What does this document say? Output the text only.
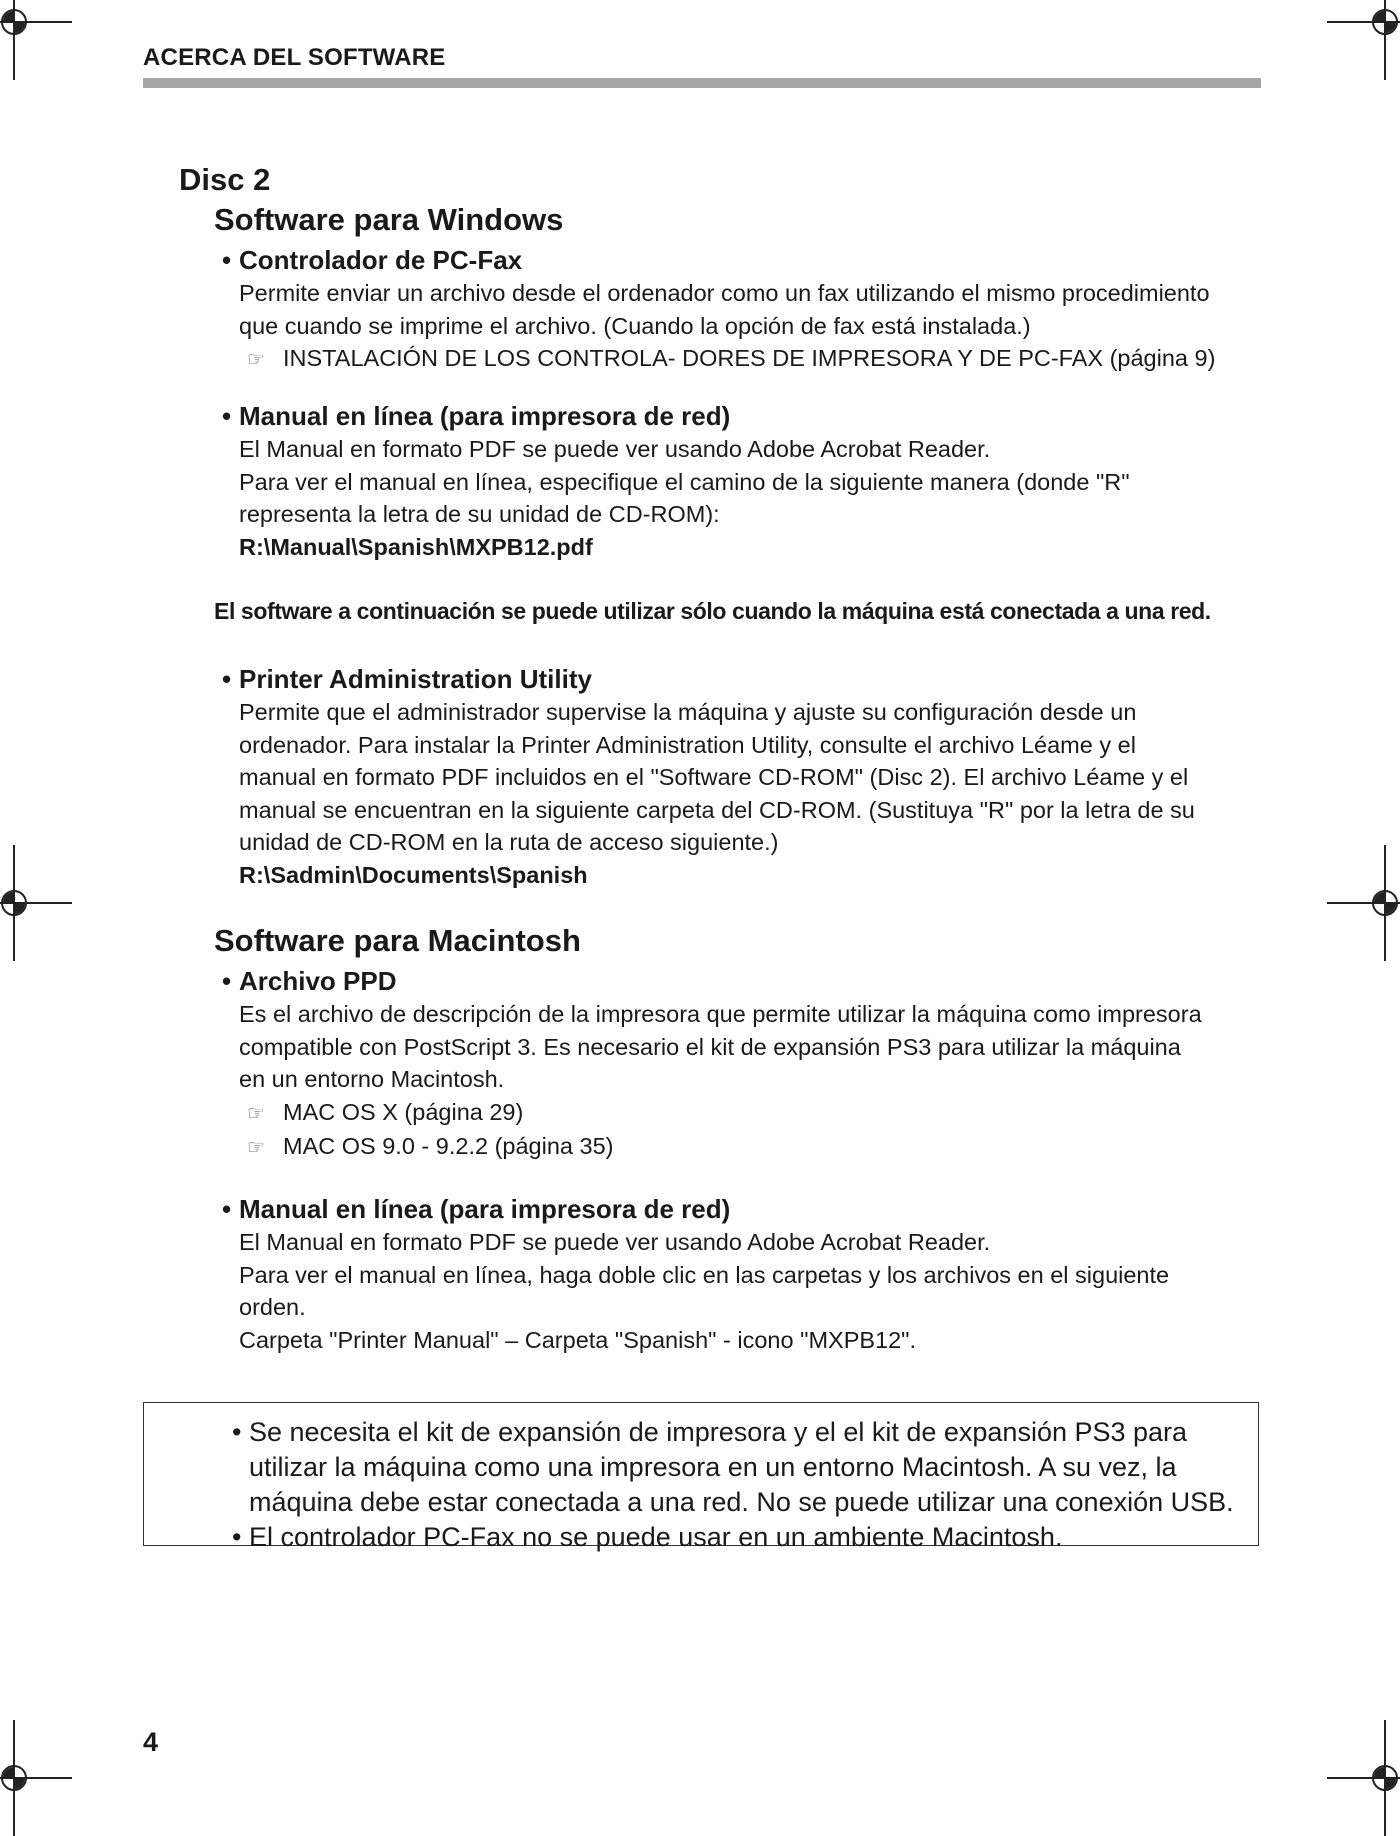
ACERCA DEL SOFTWARE
Disc 2
Software para Windows
• Controlador de PC-Fax
Permite enviar un archivo desde el ordenador como un fax utilizando el mismo procedimiento
que cuando se imprime el archivo. (Cuando la opción de fax está instalada.)
☞ INSTALACIÓN DE LOS CONTROLA- DORES DE IMPRESORA Y DE PC-FAX (página 9)
• Manual en línea (para impresora de red)
El Manual en formato PDF se puede ver usando Adobe Acrobat Reader.
Para ver el manual en línea, especifique el camino de la siguiente manera (donde "R"
representa la letra de su unidad de CD-ROM):
R:\Manual\Spanish\MXPB12.pdf
El software a continuación se puede utilizar sólo cuando la máquina está conectada a una red.
• Printer Administration Utility
Permite que el administrador supervise la máquina y ajuste su configuración desde un
ordenador. Para instalar la Printer Administration Utility, consulte el archivo Léame y el
manual en formato PDF incluidos en el "Software CD-ROM" (Disc 2). El archivo Léame y el
manual se encuentran en la siguiente carpeta del CD-ROM. (Sustituya "R" por la letra de su
unidad de CD-ROM en la ruta de acceso siguiente.)
R:\Sadmin\Documents\Spanish
Software para Macintosh
• Archivo PPD
Es el archivo de descripción de la impresora que permite utilizar la máquina como impresora
compatible con PostScript 3. Es necesario el kit de expansión PS3 para utilizar la máquina
en un entorno Macintosh.
☞ MAC OS X (página 29)
☞ MAC OS 9.0 - 9.2.2 (página 35)
• Manual en línea (para impresora de red)
El Manual en formato PDF se puede ver usando Adobe Acrobat Reader.
Para ver el manual en línea, haga doble clic en las carpetas y los archivos en el siguiente
orden.
Carpeta "Printer Manual" – Carpeta "Spanish" - icono "MXPB12".
• Se necesita el kit de expansión de impresora y el el kit de expansión PS3 para utilizar la máquina como una impresora en un entorno Macintosh. A su vez, la máquina debe estar conectada a una red. No se puede utilizar una conexión USB.
• El controlador PC-Fax no se puede usar en un ambiente Macintosh.
4
